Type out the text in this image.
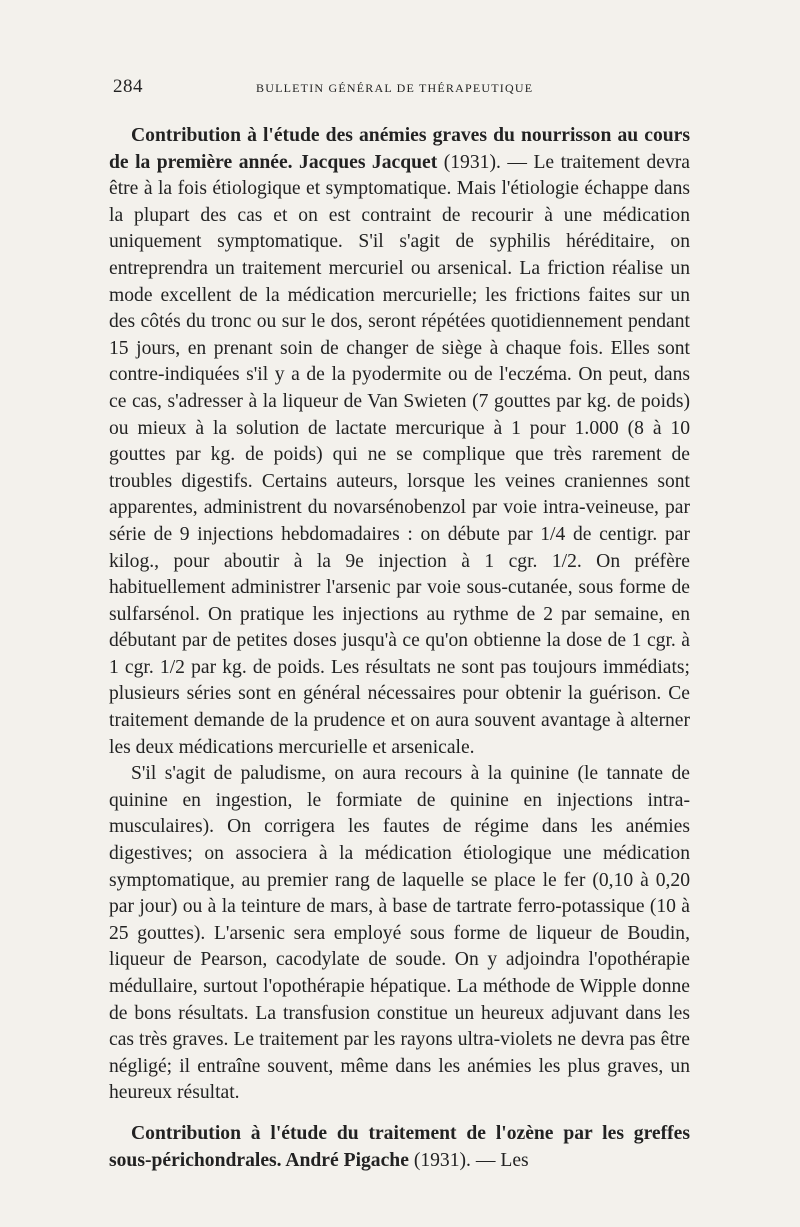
284	BULLETIN GÉNÉRAL DE THÉRAPEUTIQUE

Contribution à l'étude des anémies graves du nourrisson au cours de la première année. Jacques Jacquet (1931). — Le traitement devra être à la fois étiologique et symptomatique. Mais l'étiologie échappe dans la plupart des cas et on est contraint de recourir à une médication uniquement symptomatique. S'il s'agit de syphilis héréditaire, on entreprendra un traitement mercuriel ou arsenical. La friction réalise un mode excellent de la médication mercurielle; les frictions faites sur un des côtés du tronc ou sur le dos, seront répétées quotidiennement pendant 15 jours, en prenant soin de changer de siège à chaque fois. Elles sont contre-indiquées s'il y a de la pyodermite ou de l'eczéma. On peut, dans ce cas, s'adresser à la liqueur de Van Swieten (7 gouttes par kg. de poids) ou mieux à la solution de lactate mercurique à 1 pour 1.000 (8 à 10 gouttes par kg. de poids) qui ne se complique que très rarement de troubles digestifs. Certains auteurs, lorsque les veines craniennes sont apparentes, administrent du novarsénobenzol par voie intra-veineuse, par série de 9 injections hebdomadaires : on débute par 1/4 de centigr. par kilog., pour aboutir à la 9e injection à 1 cgr. 1/2. On préfère habituellement administrer l'arsenic par voie sous-cutanée, sous forme de sulfarsénol. On pratique les injections au rythme de 2 par semaine, en débutant par de petites doses jusqu'à ce qu'on obtienne la dose de 1 cgr. à 1 cgr. 1/2 par kg. de poids. Les résultats ne sont pas toujours immédiats; plusieurs séries sont en général nécessaires pour obtenir la guérison. Ce traitement demande de la prudence et on aura souvent avantage à alterner les deux médications mercurielle et arsenicale.

S'il s'agit de paludisme, on aura recours à la quinine (le tannate de quinine en ingestion, le formiate de quinine en injections intra-musculaires). On corrigera les fautes de régime dans les anémies digestives; on associera à la médication étiologique une médication symptomatique, au premier rang de laquelle se place le fer (0,10 à 0,20 par jour) ou à la teinture de mars, à base de tartrate ferro-potassique (10 à 25 gouttes). L'arsenic sera employé sous forme de liqueur de Boudin, liqueur de Pearson, cacodylate de soude. On y adjoindra l'opothérapie médullaire, surtout l'opothérapie hépatique. La méthode de Wipple donne de bons résultats. La transfusion constitue un heureux adjuvant dans les cas très graves. Le traitement par les rayons ultra-violets ne devra pas être négligé; il entraîne souvent, même dans les anémies les plus graves, un heureux résultat.

Contribution à l'étude du traitement de l'ozène par les greffes sous-périchondrales. André Pigache (1931). — Les
